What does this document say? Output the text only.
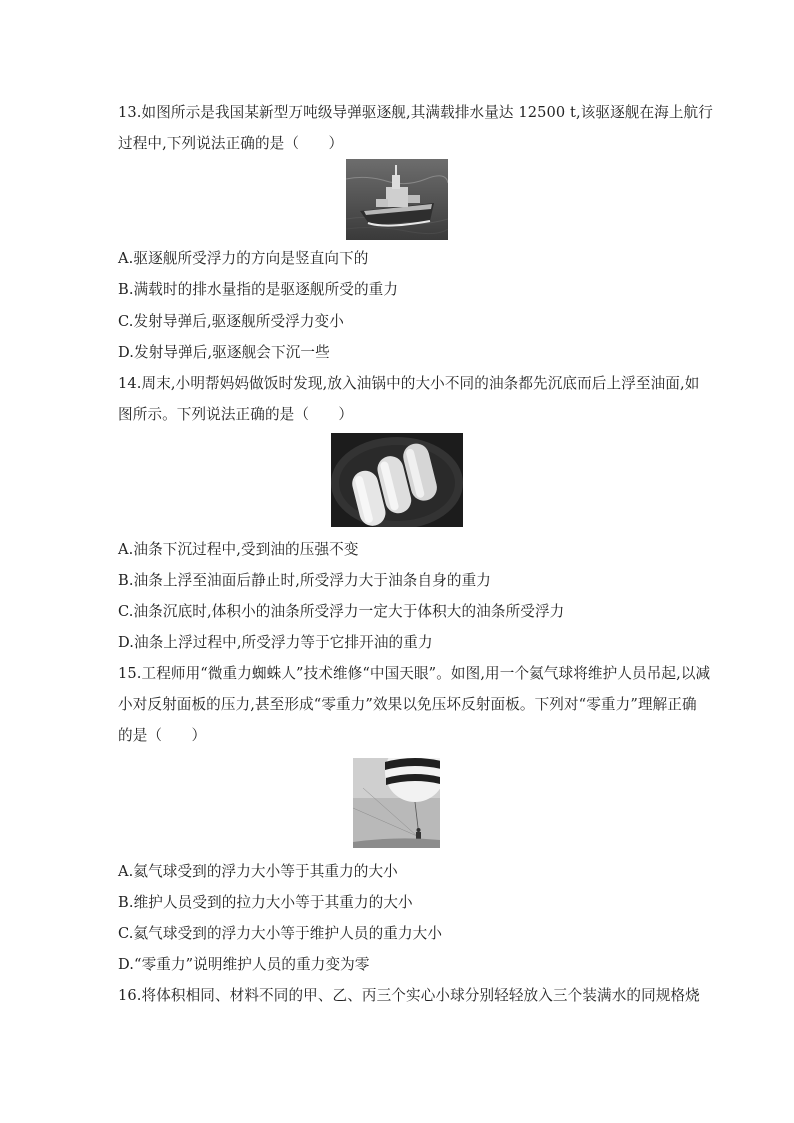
13.如图所示是我国某新型万吨级导弹驱逐舰,其满载排水量达 12500 t,该驱逐舰在海上航行
过程中,下列说法正确的是（　　）
A.驱逐舰所受浮力的方向是竖直向下的
B.满载时的排水量指的是驱逐舰所受的重力
C.发射导弹后,驱逐舰所受浮力变小
D.发射导弹后,驱逐舰会下沉一些
14.周末,小明帮妈妈做饭时发现,放入油锅中的大小不同的油条都先沉底而后上浮至油面,如
图所示。下列说法正确的是（　　）
A.油条下沉过程中,受到油的压强不变
B.油条上浮至油面后静止时,所受浮力大于油条自身的重力
C.油条沉底时,体积小的油条所受浮力一定大于体积大的油条所受浮力
D.油条上浮过程中,所受浮力等于它排开油的重力
15.工程师用“微重力蜘蛛人”技术维修“中国天眼”。如图,用一个氦气球将维护人员吊起,以减
小对反射面板的压力,甚至形成“零重力”效果以免压坏反射面板。下列对“零重力”理解正确
的是（　　）
A.氦气球受到的浮力大小等于其重力的大小
B.维护人员受到的拉力大小等于其重力的大小
C.氦气球受到的浮力大小等于维护人员的重力大小
D.“零重力”说明维护人员的重力变为零
16.将体积相同、材料不同的甲、乙、丙三个实心小球分别轻轻放入三个装满水的同规格烧
